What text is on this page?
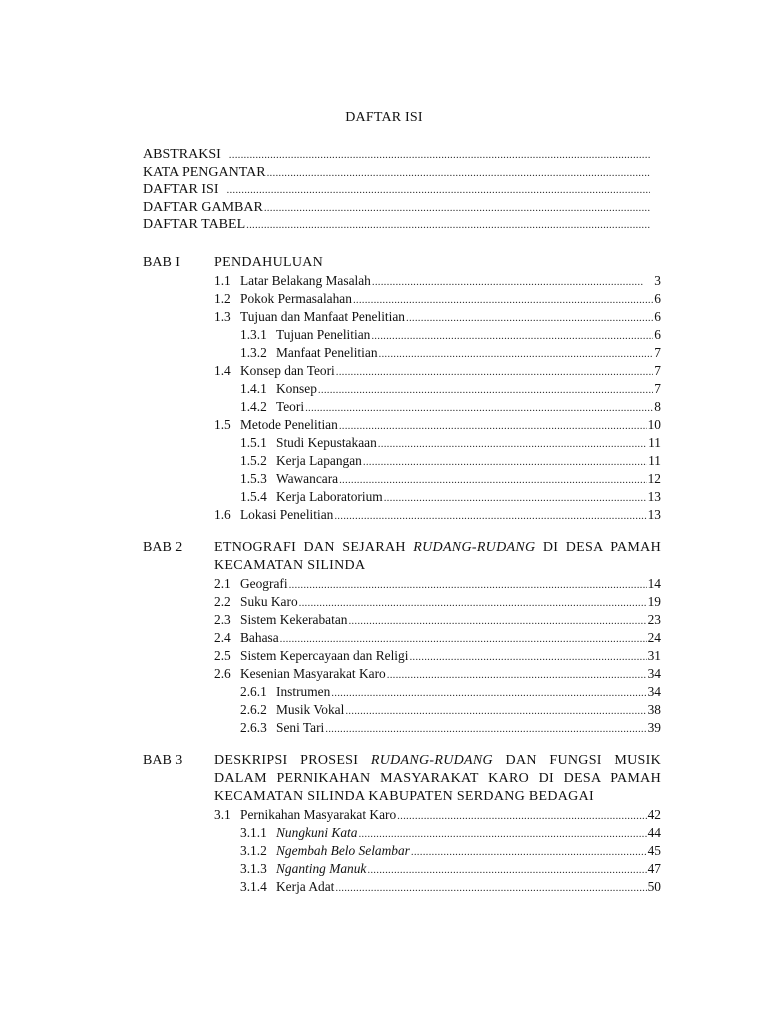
DAFTAR ISI
ABSTRAKSI
.....
KATA PENGANTAR
.....
DAFTAR ISI
.....
DAFTAR GAMBAR
.....
DAFTAR TABEL
.....
BAB I PENDAHULUAN
1.1 Latar Belakang Masalah .....	3
1.2 Pokok Permasalahan .....	6
1.3 Tujuan dan Manfaat Penelitian .....	6
1.3.1 Tujuan Penelitian .....	6
1.3.2 Manfaat Penelitian .....	7
1.4 Konsep dan Teori .....	7
1.4.1 Konsep .....	7
1.4.2 Teori .....	8
1.5 Metode Penelitian .....	10
1.5.1 Studi Kepustakaan .....	11
1.5.2 Kerja Lapangan .....	11
1.5.3 Wawancara .....	12
1.5.4 Kerja Laboratorium .....	13
1.6 Lokasi Penelitian .....	13
BAB 2 ETNOGRAFI DAN SEJARAH RUDANG-RUDANG DI DESA PAMAH KECAMATAN SILINDA
2.1 Geografi .....	14
2.2 Suku Karo .....	19
2.3 Sistem Kekerabatan .....	23
2.4 Bahasa .....	24
2.5 Sistem Kepercayaan dan Religi .....	31
2.6 Kesenian Masyarakat Karo .....	34
2.6.1 Instrumen .....	34
2.6.2 Musik Vokal .....	38
2.6.3 Seni Tari .....	39
BAB 3 DESKRIPSI PROSESI RUDANG-RUDANG DAN FUNGSI MUSIK DALAM PERNIKAHAN MASYARAKAT KARO DI DESA PAMAH KECAMATAN SILINDA KABUPATEN SERDANG BEDAGAI
3.1 Pernikahan Masyarakat Karo .....	42
3.1.1 Nungkuni Kata .....	44
3.1.2 Ngembah Belo Selambar .....	45
3.1.3 Nganting Manuk .....	47
3.1.4 Kerja Adat .....	50
